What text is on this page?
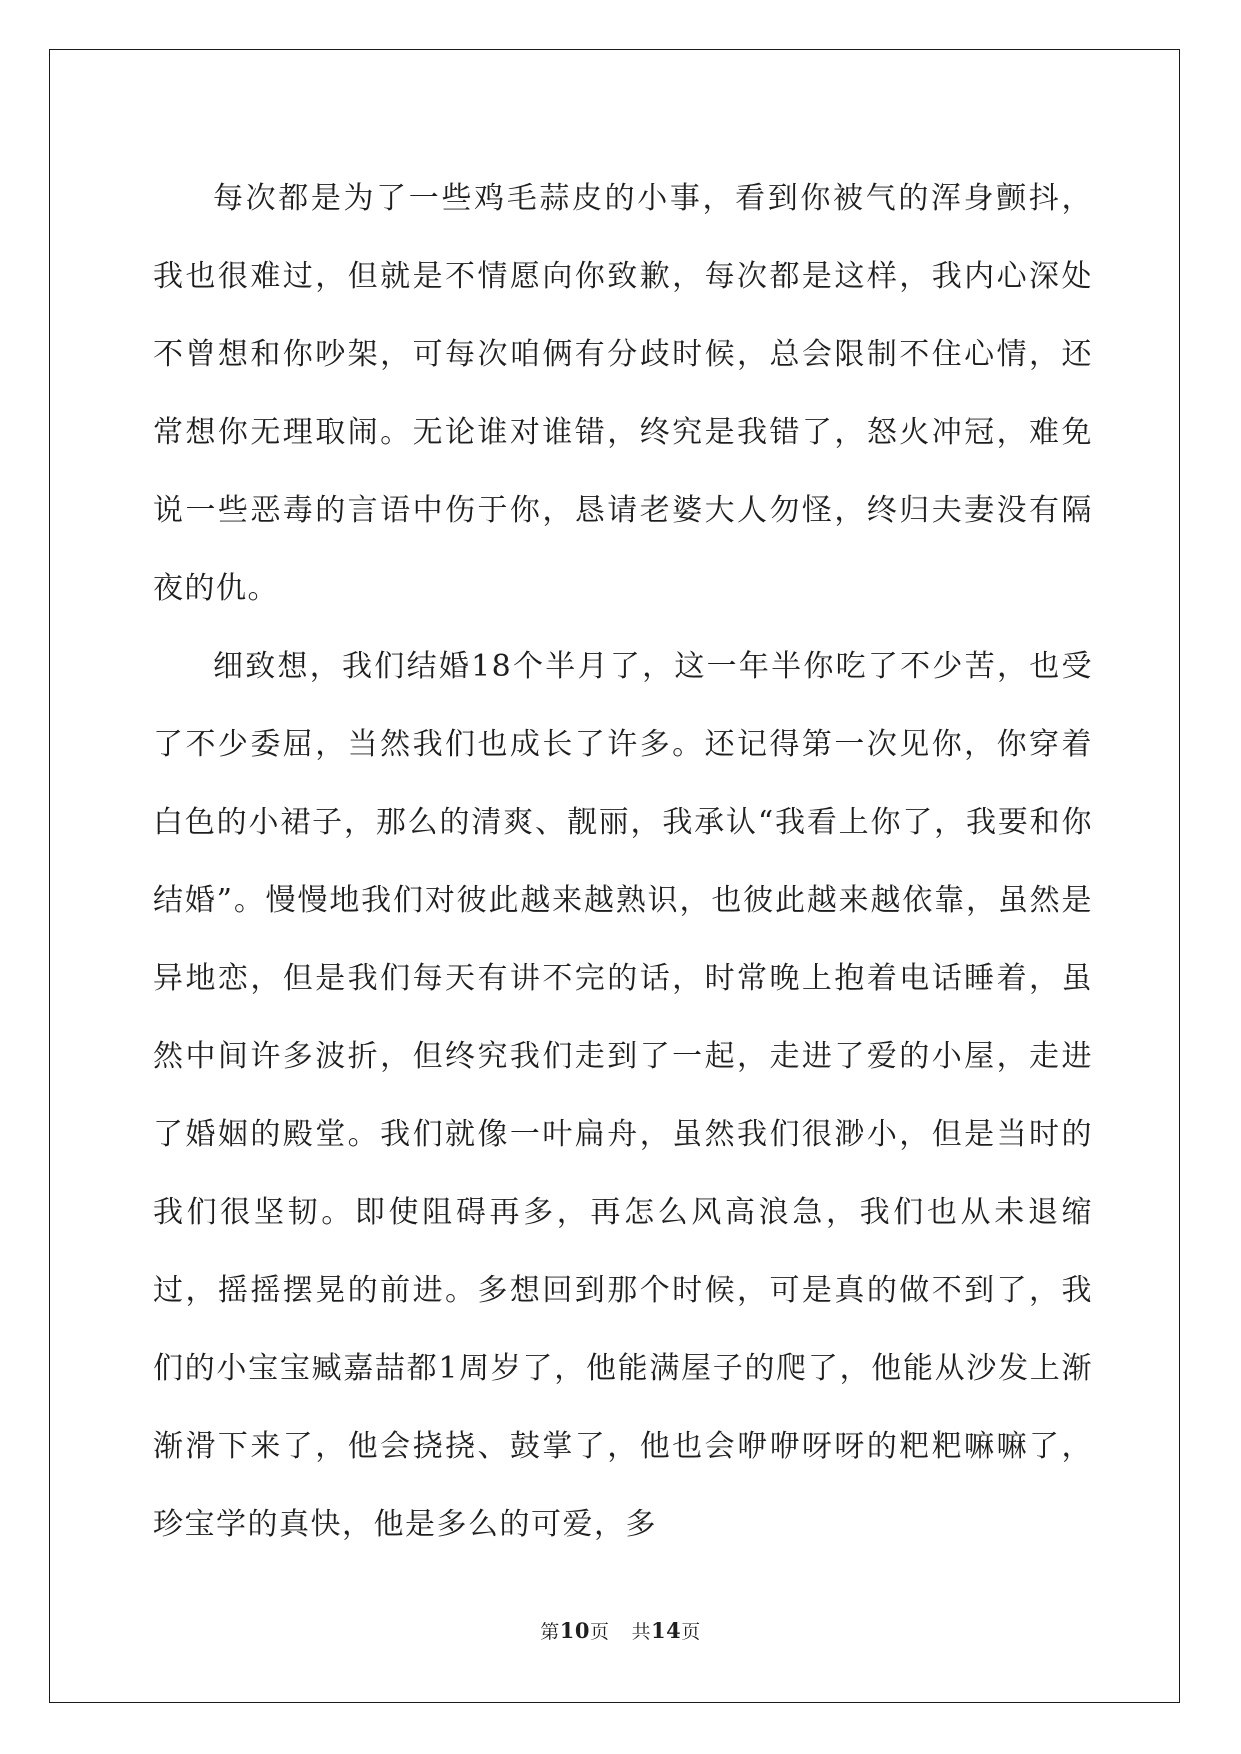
每次都是为了一些鸡毛蒜皮的小事，看到你被气的浑身颤抖，我也很难过，但就是不情愿向你致歉，每次都是这样，我内心深处不曾想和你吵架，可每次咱俩有分歧时候，总会限制不住心情，还常想你无理取闹。无论谁对谁错，终究是我错了，怒火冲冠，难免说一些恶毒的言语中伤于你，恳请老婆大人勿怪，终归夫妻没有隔夜的仇。

细致想，我们结婚18个半月了，这一年半你吃了不少苦，也受了不少委屈，当然我们也成长了许多。还记得第一次见你，你穿着白色的小裙子，那么的清爽、靓丽，我承认“我看上你了，我要和你结婚”。慢慢地我们对彼此越来越熟识，也彼此越来越依靠，虽然是异地恋，但是我们每天有讲不完的话，时常晚上抱着电话睡着，虽然中间许多波折，但终究我们走到了一起，走进了爱的小屋，走进了婚姻的殿堂。我们就像一叶扁舟，虽然我们很渺小，但是当时的我们很坚韧。即使阻碍再多，再怎么风高浪急，我们也从未退缩过，摇摇摆晃的前进。多想回到那个时候，可是真的做不到了，我们的小宝宝臧嘉喆都1周岁了，他能满屋子的爬了，他能从沙发上渐渐滑下来了，他会挠挠、鼓掌了，他也会咿咿呀呀的粑粑嘛嘛了，珍宝学的真快，他是多么的可爱，多

第10页 共14页
